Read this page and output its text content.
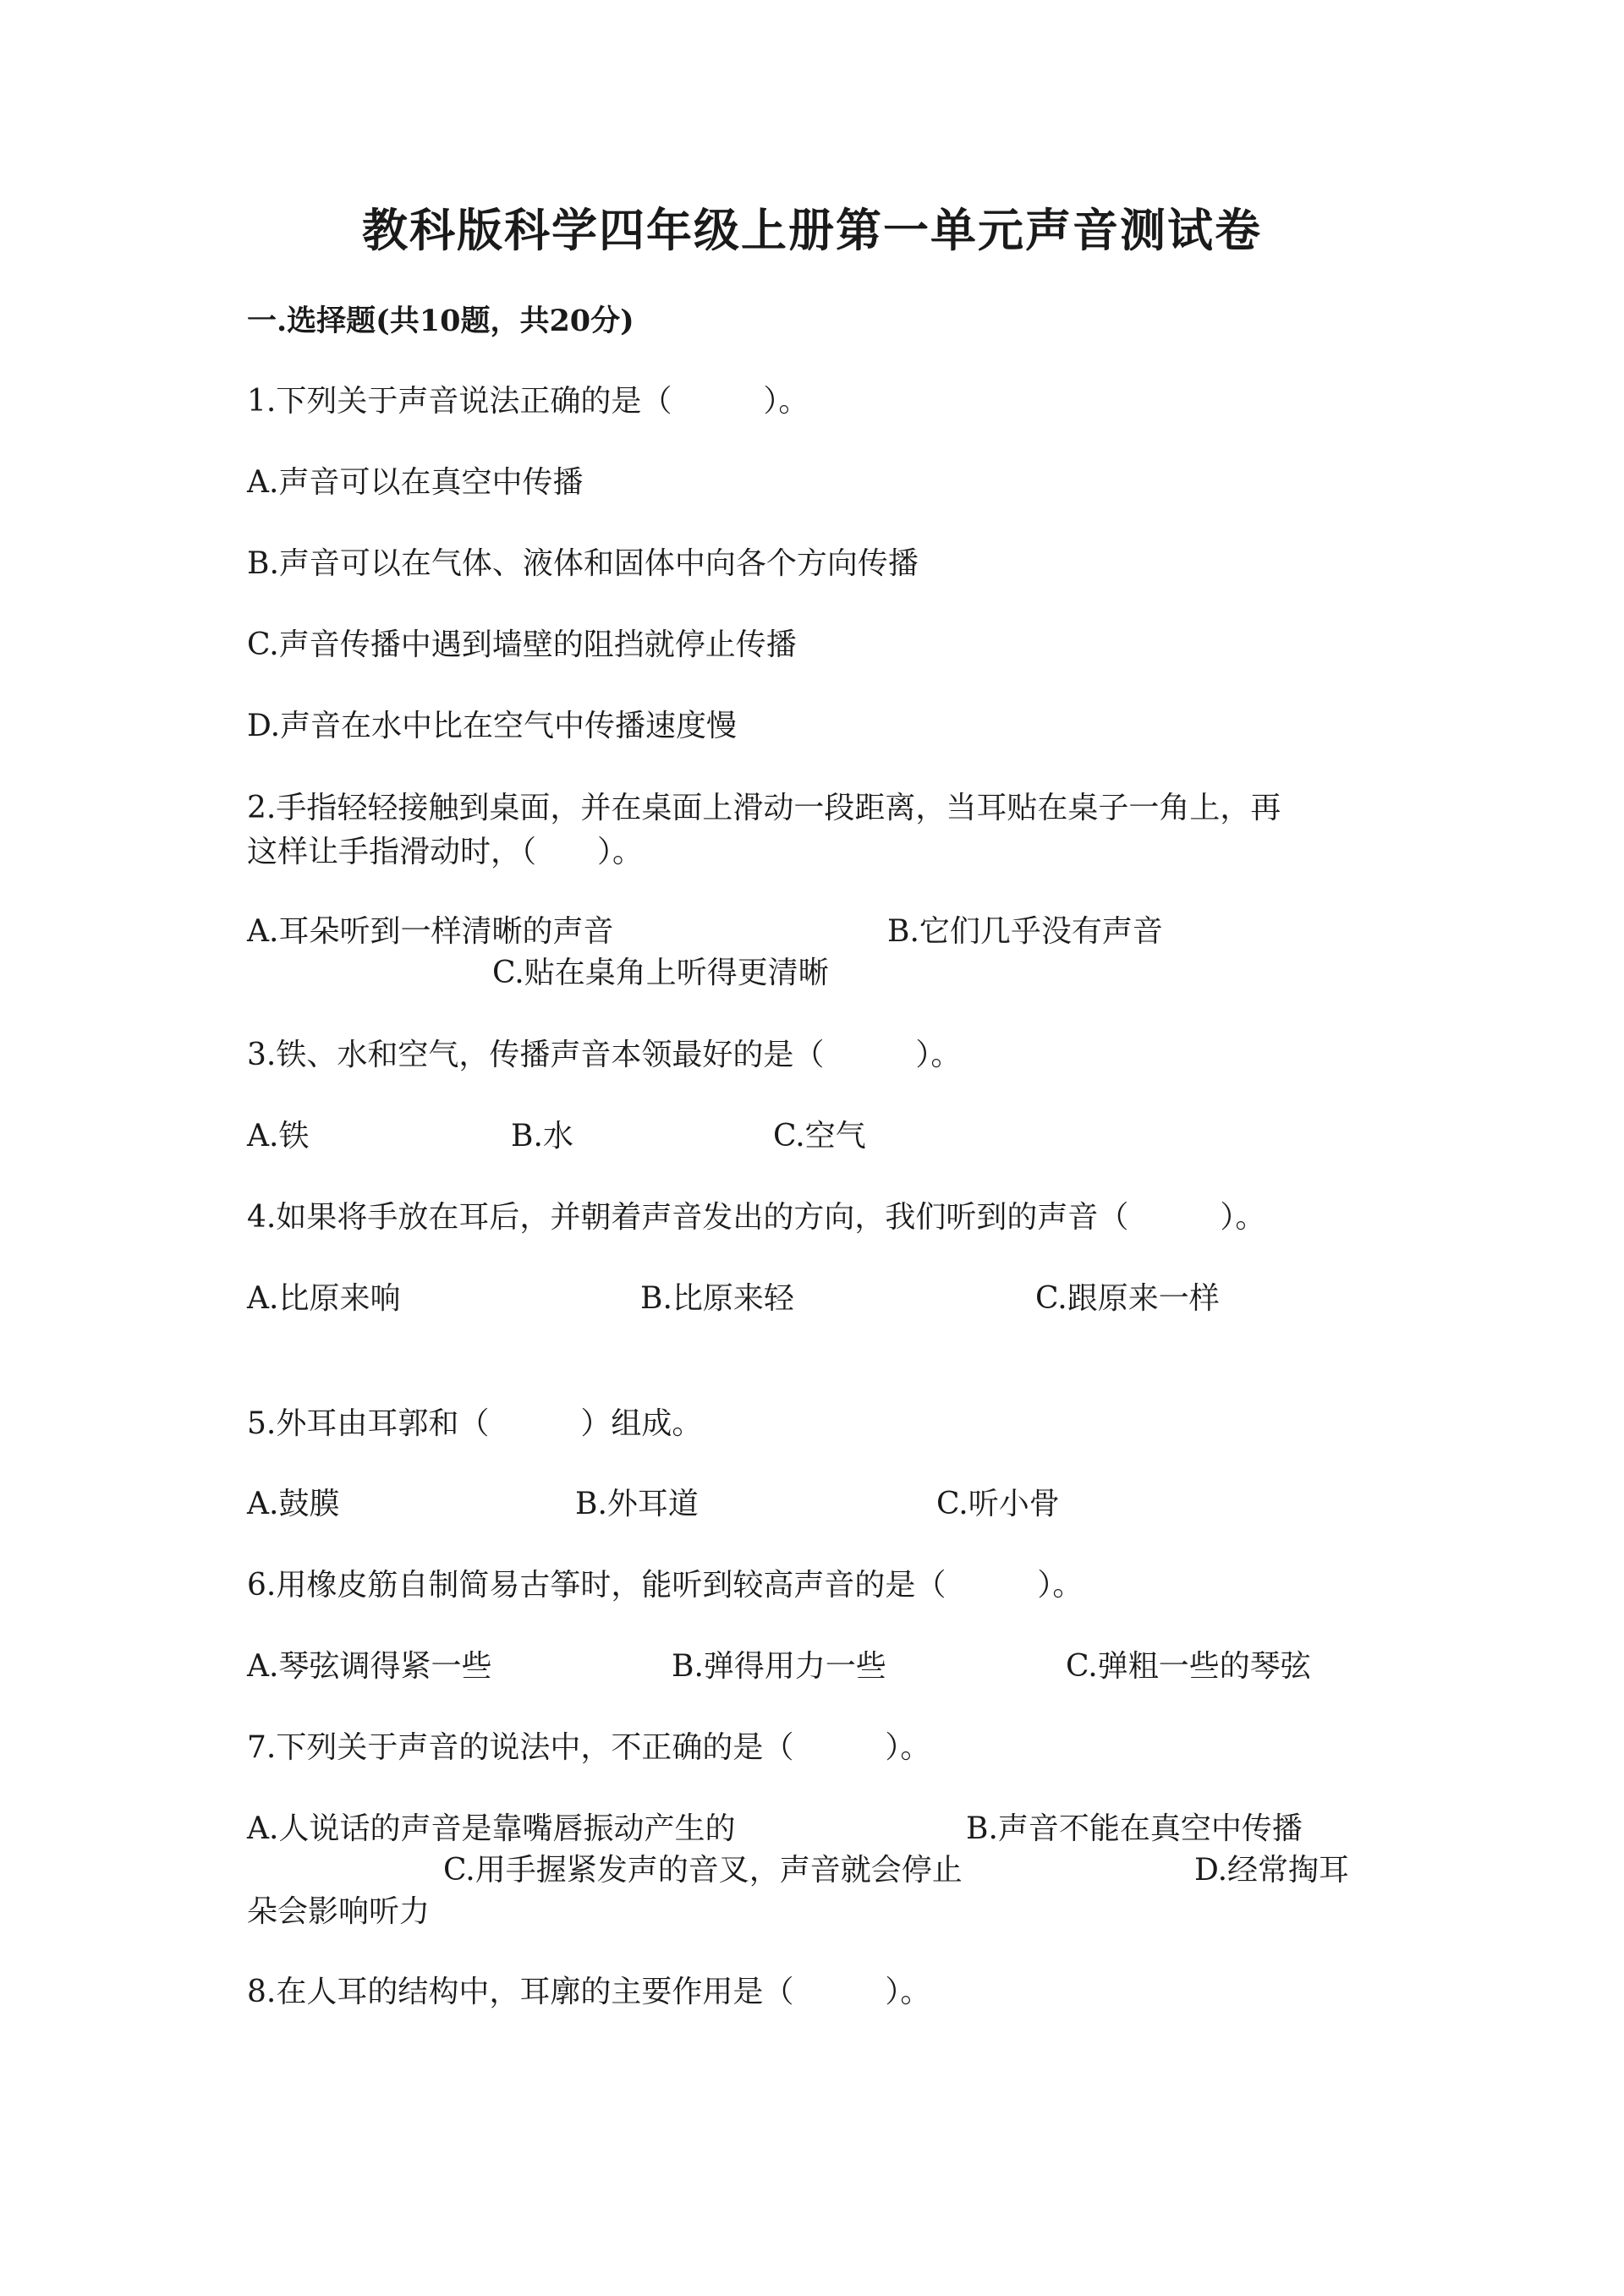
教科版科学四年级上册第一单元声音测试卷
一.选择题(共10题，共20分)
1.下列关于声音说法正确的是（　　　）。
A.声音可以在真空中传播
B.声音可以在气体、液体和固体中向各个方向传播
C.声音传播中遇到墙壁的阻挡就停止传播
D.声音在水中比在空气中传播速度慢
2.手指轻轻接触到桌面，并在桌面上滑动一段距离，当耳贴在桌子一角上，再
这样让手指滑动时，（　　）。
A.耳朵听到一样清晰的声音	B.它们几乎没有声音
C.贴在桌角上听得更清晰
3.铁、水和空气，传播声音本领最好的是（　　　）。
A.铁	B.水	C.空气
4.如果将手放在耳后，并朝着声音发出的方向，我们听到的声音（　　　）。
A.比原来响	B.比原来轻	C.跟原来一样
5.外耳由耳郭和（　　　）组成。
A.鼓膜	B.外耳道	C.听小骨
6.用橡皮筋自制简易古筝时，能听到较高声音的是（　　　）。
A.琴弦调得紧一些	B.弹得用力一些	C.弹粗一些的琴弦
7.下列关于声音的说法中，不正确的是（　　　）。
A.人说话的声音是靠嘴唇振动产生的	B.声音不能在真空中传播
C.用手握紧发声的音叉，声音就会停止	D.经常掏耳
朵会影响听力
8.在人耳的结构中，耳廓的主要作用是（　　　）。
